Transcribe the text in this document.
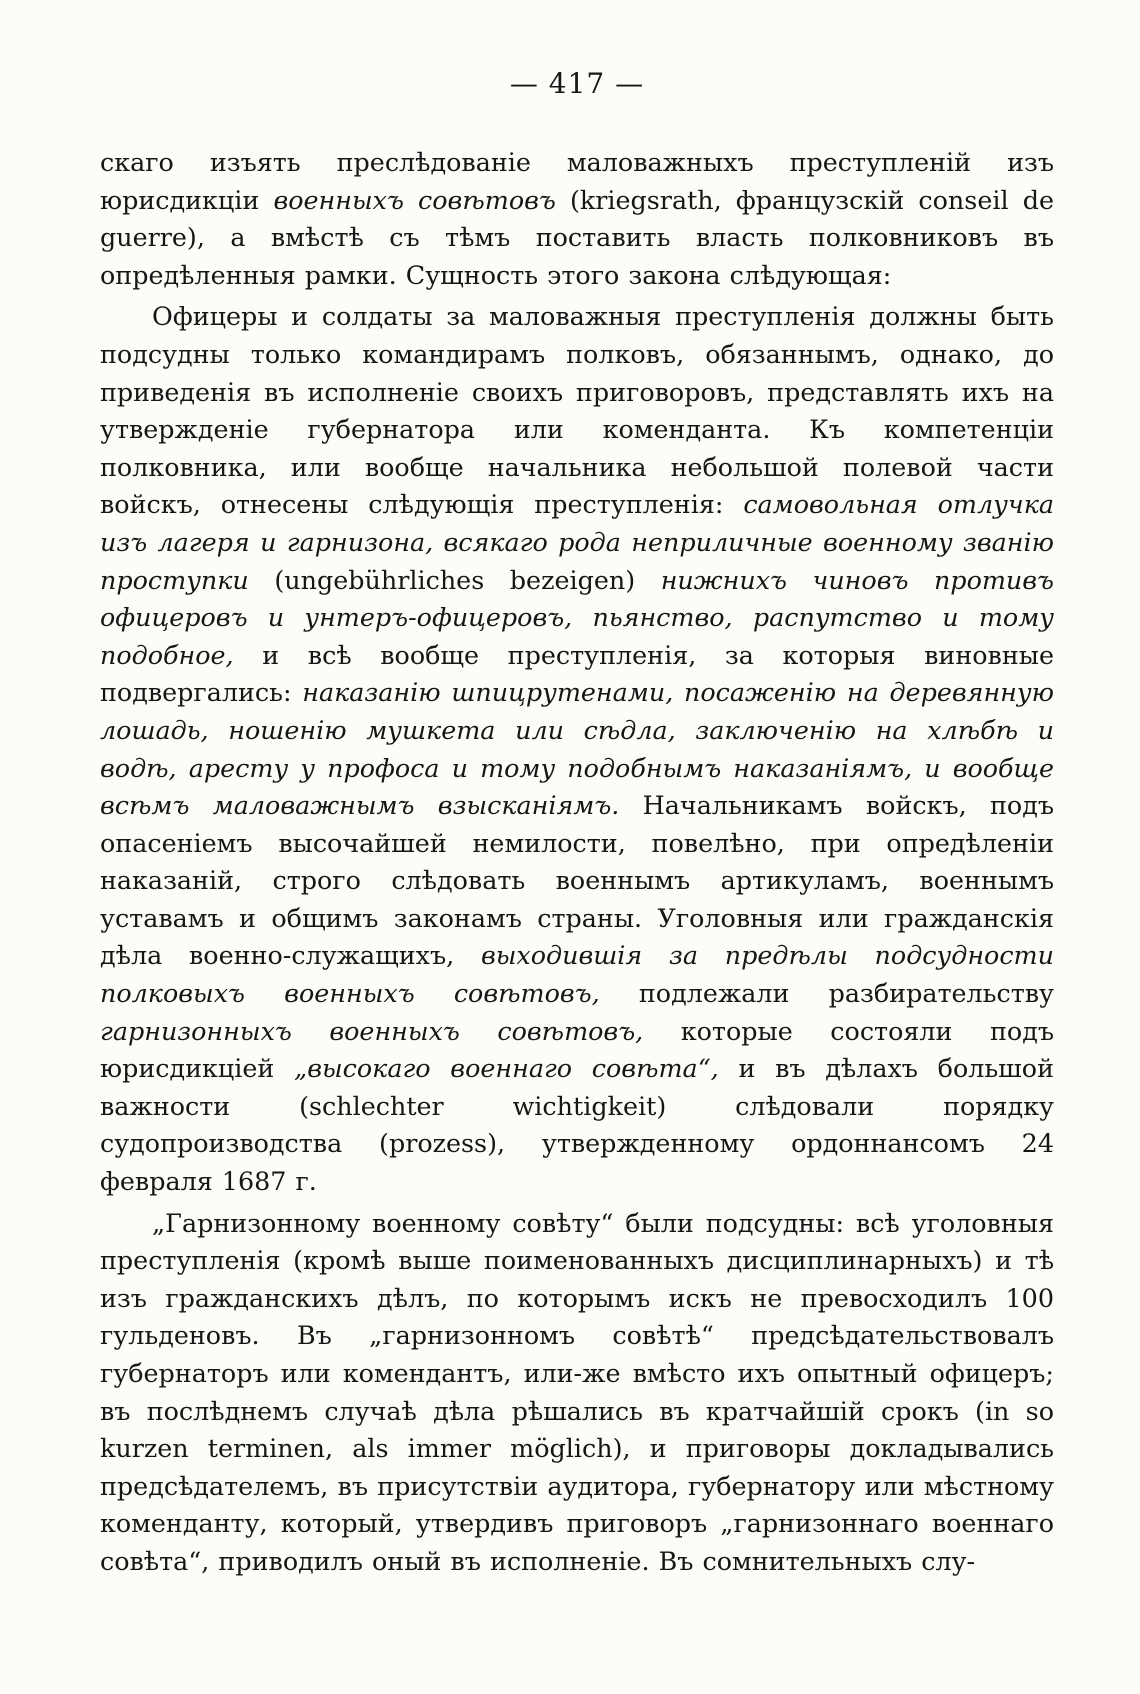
— 417 —

скаго изъять преслѣдованіе маловажныхъ преступленій изъ юрисдикціи военныхъ совѣтовъ (kriegsrath, французскій conseil de guerre), а вмѣстѣ съ тѣмъ поставить власть полковниковъ въ опредѣленныя рамки. Сущность этого закона слѣдующая:

Офицеры и солдаты за маловажныя преступленія должны быть подсудны только командирамъ полковъ, обязаннымъ, однако, до приведенія въ исполненіе своихъ приговоровъ, представлять ихъ на утвержденіе губернатора или коменданта. Къ компетенціи полковника, или вообще начальника небольшой полевой части войскъ, отнесены слѣдующія преступленія: самовольная отлучка изъ лагеря и гарнизона, всякаго рода неприличные военному званію проступки (ungebührliches bezeigen) нижнихъ чиновъ противъ офицеровъ и унтеръ-офицеровъ, пьянство, распутство и тому подобное, и всѣ вообще преступленія, за которыя виновные подвергались: наказанію шпицрутенами, посаженію на деревянную лошадь, ношенію мушкета или сѣдла, заключенію на хлѣбѣ и водѣ, аресту у профоса и тому подобнымъ наказаніямъ, и вообще всѣмъ маловажнымъ взысканіямъ. Начальникамъ войскъ, подъ опасеніемъ высочайшей немилости, повелѣно, при опредѣленіи наказаній, строго слѣдовать военнымъ артикуламъ, военнымъ уставамъ и общимъ законамъ страны. Уголовныя или гражданскія дѣла военно-служащихъ, выходившія за предѣлы подсудности полковыхъ военныхъ совѣтовъ, подлежали разбирательству гарнизонныхъ военныхъ совѣтовъ, которые состояли подъ юрисдикціей „высокаго военнаго совѣта“, и въ дѣлахъ большой важности (schlechter wichtigkeit) слѣдовали порядку судопроизводства (prozess), утвержденному ордоннансомъ 24 февраля 1687 г.

„Гарнизонному военному совѣту“ были подсудны: всѣ уголовныя преступленія (кромѣ выше поименованныхъ дисциплинарныхъ) и тѣ изъ гражданскихъ дѣлъ, по которымъ искъ не превосходилъ 100 гульденовъ. Въ „гарнизонномъ совѣтѣ“ предсѣдательствовалъ губернаторъ или комендантъ, или-же вмѣсто ихъ опытный офицеръ; въ послѣднемъ случаѣ дѣла рѣшались въ кратчайшій срокъ (in so kurzen terminen, als immer möglich), и приговоры докладывались предсѣдателемъ, въ присутствіи аудитора, губернатору или мѣстному коменданту, который, утвердивъ приговоръ „гарнизоннаго военнаго совѣта“, приводилъ оный въ исполненіе. Въ сомнительныхъ слу-
